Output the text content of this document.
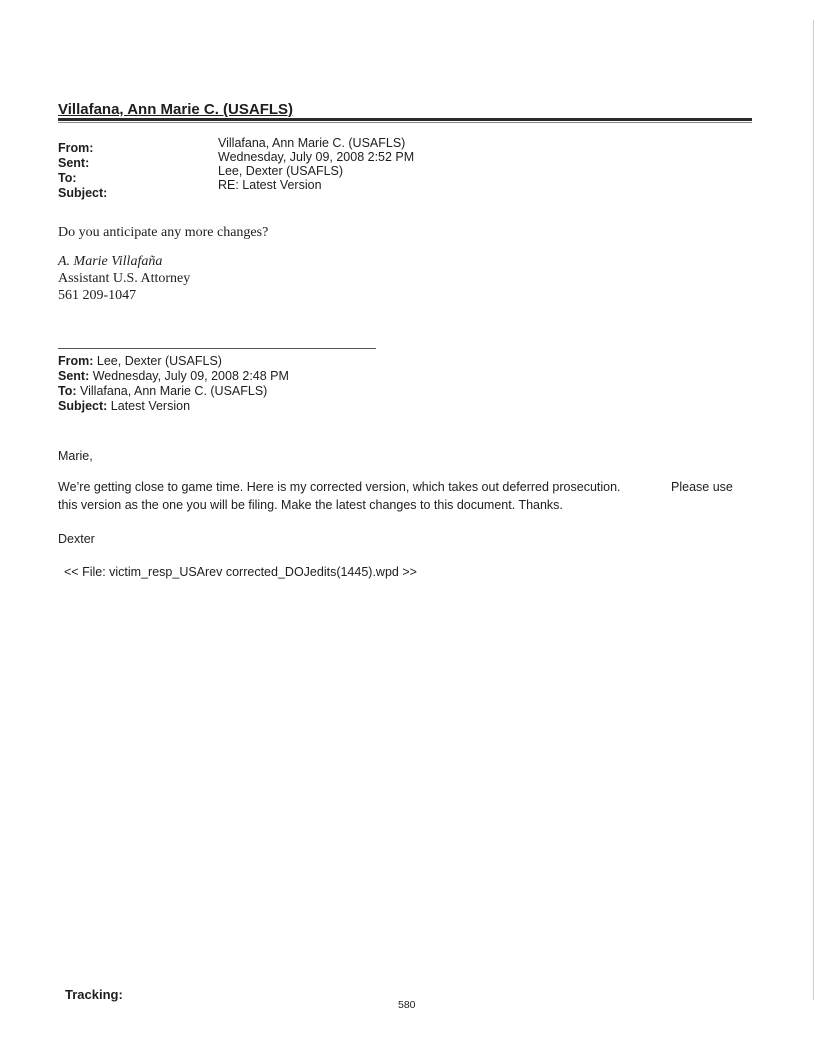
Villafana, Ann Marie C. (USAFLS)
From:	Villafana, Ann Marie C. (USAFLS)
Sent:	Wednesday, July 09, 2008 2:52 PM
To:	Lee, Dexter (USAFLS)
Subject:
RE: Latest Version
Do you anticipate any more changes?
A. Marie Villafaña
Assistant U.S. Attorney
561 209-1047
From: Lee, Dexter (USAFLS)
Sent: Wednesday, July 09, 2008 2:48 PM
To: Villafana, Ann Marie C. (USAFLS)
Subject: Latest Version
Marie,
We’re getting close to game time. Here is my corrected version, which takes out deferred prosecution.	Please use
this version as the one you will be filing. Make the latest changes to this document. Thanks.
Dexter
<< File: victim_resp_USArev corrected_DOJedits(1445).wpd >>
Tracking:
580
